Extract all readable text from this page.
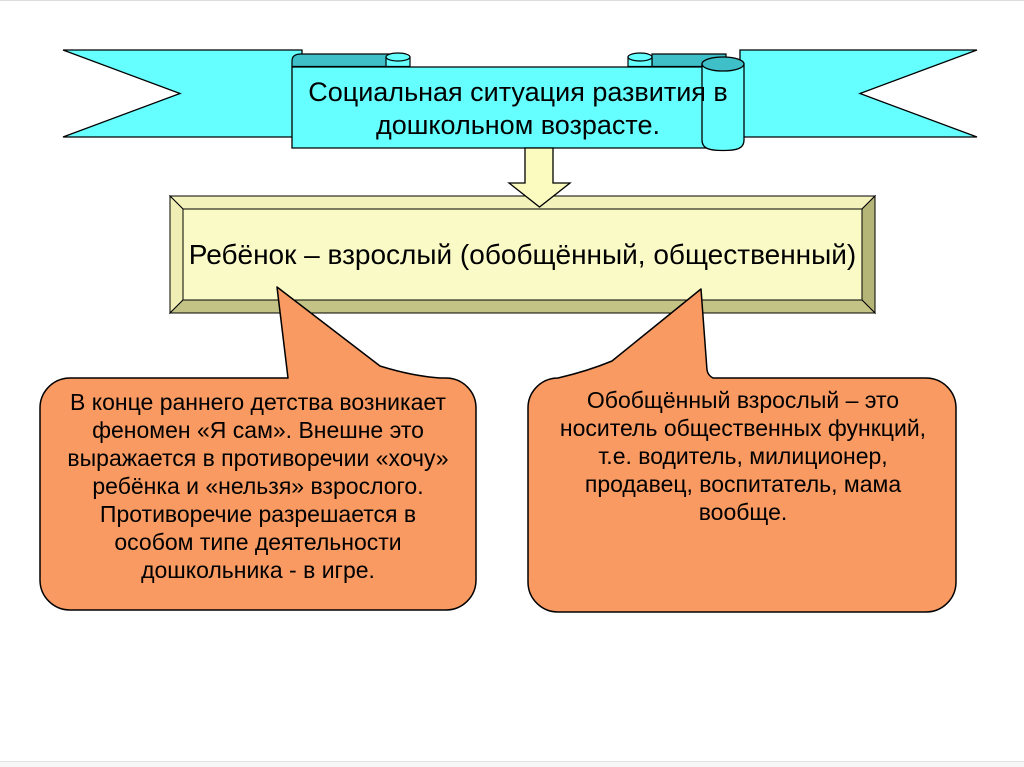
Социальная ситуация развития в
дошкольном возрасте.
Ребёнок – взрослый (обобщённый, общественный)
В конце раннего детства возникает
феномен «Я сам». Внешне это
выражается в противоречии «хочу»
ребёнка и «нельзя» взрослого.
Противоречие разрешается в
особом типе деятельности
дошкольника - в игре.
Обобщённый взрослый – это
носитель общественных функций,
т.е. водитель, милиционер,
продавец, воспитатель, мама
вообще.
